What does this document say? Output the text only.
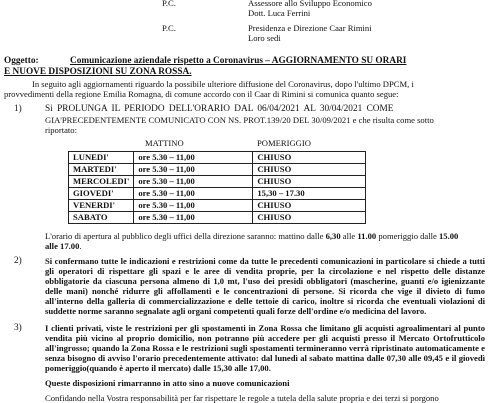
P.C.	Assessore allo Sviluppo Economico
Dott. Luca Ferrini
P.C.	Presidenza e Direzione Caar Rimini
Loro sedi
Oggetto:	Comunicazione aziendale rispetto a Coronavirus – AGGIORNAMENTO SU ORARI
E NUOVE DISPOSIZIONI SU ZONA ROSSA.
In seguito agli aggiornamenti riguardo la possibile ulteriore diffusione del Coronavirus, dopo l'ultimo DPCM, i
provvedimenti della regione Emilia Romagna, di comune accordo con il Caar di Rimini si comunica quanto segue:
1)	Si PROLUNGA IL PERIODO DELL'ORARIO DAL 06/04/2021 AL 30/04/2021 COME
GIA'PRECEDENTEMENTE COMUNICATO CON NS. PROT.139/20 DEL 30/09/2021 e che risulta come sotto
riportato:
MATTINO	POMERIGGIO
LUNEDI'	ore 5.30 – 11,00	CHIUSO
MARTEDI'	ore 5.30 – 11,00	CHIUSO
MERCOLEDI'	ore 5.30 – 11,00	CHIUSO
GIOVEDI'	ore 5.30 – 11,00	15,30 – 17.30
VENERDI'	ore 5.30 – 11,00	CHIUSO
SABATO	ore 5.30 – 11,00	CHIUSO
L'orario di apertura al pubblico degli uffici della direzione saranno: mattino dalle 6,30 alle 11.00 pomeriggio dalle 15.00
alle 17.00.
2)	Si confermano tutte le indicazioni e restrizioni come da tutte le precedenti comunicazioni in particolare si chiede a tutti gli operatori di rispettare gli spazi e le aree di vendita proprie, per la circolazione e nel rispetto delle distanze obbligatorie da ciascuna persona almeno di 1,0 mt, l'uso dei presidi obbligatori (mascherine, guanti e/o igienizzante delle mani) nonché ridurre gli affollamenti e le concentrazioni di persone. Si ricorda che vige il divieto di fumo all'interno della galleria di commercializzazione e delle tettoie di carico, inoltre si ricorda che eventuali violazioni di suddette norme saranno segnalate agli organi competenti quali forze dell'ordine e/o medicina del lavoro.
3)	I clienti privati, viste le restrizioni per gli spostamenti in Zona Rossa che limitano gli acquisti agroalimentari al punto vendita più vicino al proprio domicilio, non potranno più accedere per gli acquisti presso il Mercato Ortofrutticolo all'ingrosso; quando la Zona Rossa e le restrizioni sugli spostamenti termineranno verrà ripristinato automaticamente e senza bisogno di avviso l'orario precedentemente attivato: dal lunedì al sabato mattina dalle 07,30 alle 09,45 e il giovedì pomeriggio(quando è aperto il mercato) dalle 15,30 alle 17,00.
Queste disposizioni rimarranno in atto sino a nuove comunicazioni
Confidando nella Vostra responsabilità per far rispettare le regole a tutela della salute propria e dei terzi si porgono
